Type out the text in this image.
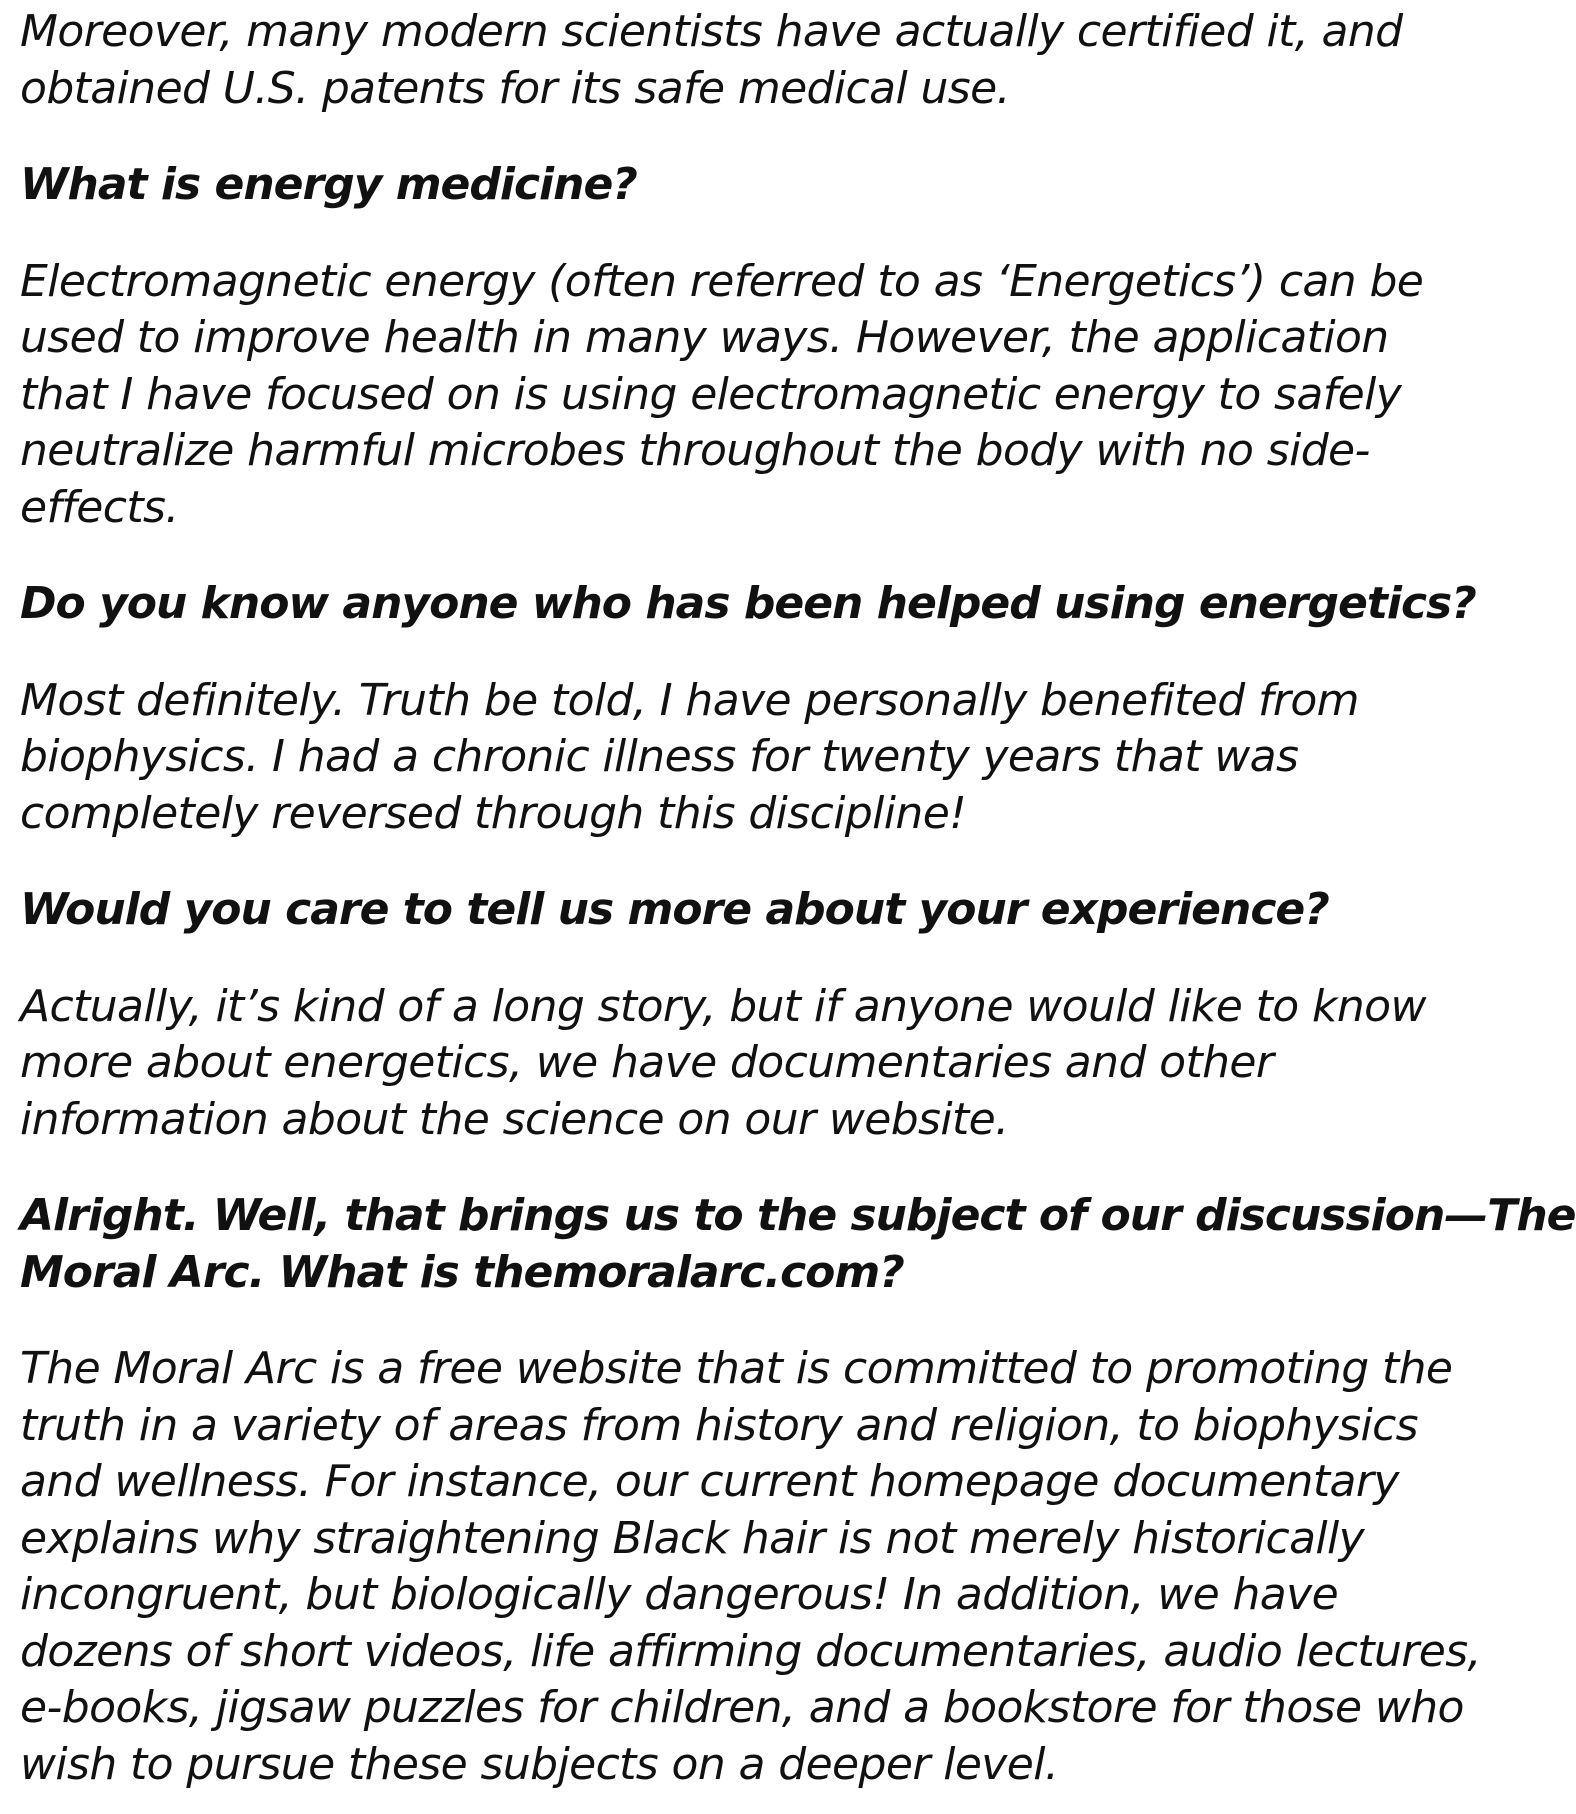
Moreover, many modern scientists have actually certified it, and
obtained U.S. patents for its safe medical use.

What is energy medicine?

Electromagnetic energy (often referred to as ‘Energetics’) can be
used to improve health in many ways. However, the application
that I have focused on is using electromagnetic energy to safely
neutralize harmful microbes throughout the body with no side-
effects.

Do you know anyone who has been helped using energetics?

Most definitely. Truth be told, I have personally benefited from
biophysics. I had a chronic illness for twenty years that was
completely reversed through this discipline!

Would you care to tell us more about your experience?

Actually, it’s kind of a long story, but if anyone would like to know
more about energetics, we have documentaries and other
information about the science on our website.

Alright. Well, that brings us to the subject of our discussion—The
Moral Arc. What is themoralarc.com?

The Moral Arc is a free website that is committed to promoting the
truth in a variety of areas from history and religion, to biophysics
and wellness. For instance, our current homepage documentary
explains why straightening Black hair is not merely historically
incongruent, but biologically dangerous! In addition, we have
dozens of short videos, life affirming documentaries, audio lectures,
e-books, jigsaw puzzles for children, and a bookstore for those who
wish to pursue these subjects on a deeper level.
